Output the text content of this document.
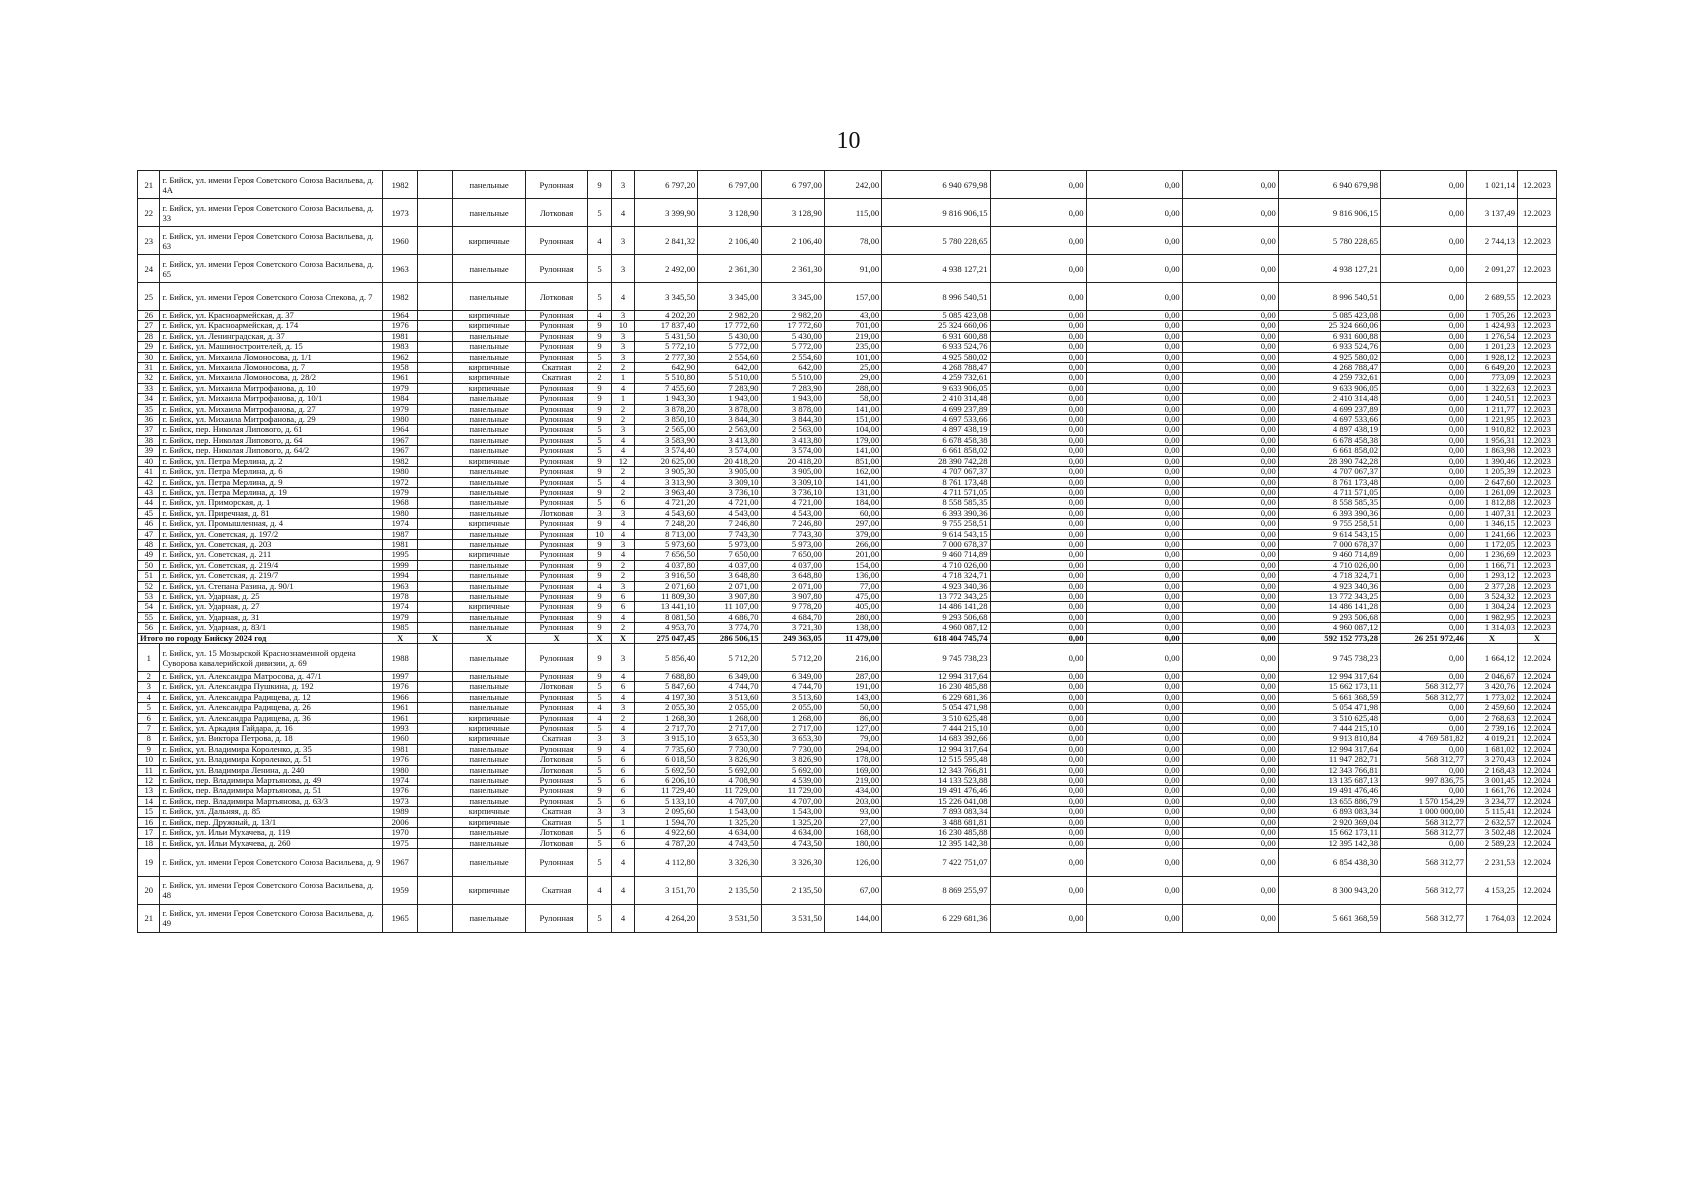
10
21	г. Бийск, ул. имени Героя Советского Союза Васильева, д. 4А	1982		панельные	Рулонная	9	3	6 797,20	6 797,00	6 797,00	242,00	6 940 679,98	0,00	0,00	0,00	6 940 679,98	0,00	1 021,14	12.2023
22	г. Бийск, ул. имени Героя Советского Союза Васильева, д. 33	1973		панельные	Лотковая	5	4	3 399,90	3 128,90	3 128,90	115,00	9 816 906,15	0,00	0,00	0,00	9 816 906,15	0,00	3 137,49	12.2023
23	г. Бийск, ул. имени Героя Советского Союза Васильева, д. 63	1960		кирпичные	Рулонная	4	3	2 841,32	2 106,40	2 106,40	78,00	5 780 228,65	0,00	0,00	0,00	5 780 228,65	0,00	2 744,13	12.2023
24	г. Бийск, ул. имени Героя Советского Союза Васильева, д. 65	1963		панельные	Рулонная	5	3	2 492,00	2 361,30	2 361,30	91,00	4 938 127,21	0,00	0,00	0,00	4 938 127,21	0,00	2 091,27	12.2023
25	г. Бийск, ул. имени Героя Советского Союза Спекова, д. 7	1982		панельные	Лотковая	5	4	3 345,50	3 345,00	3 345,00	157,00	8 996 540,51	0,00	0,00	0,00	8 996 540,51	0,00	2 689,55	12.2023
26	г. Бийск, ул. Красноармейская, д. 37	1964		кирпичные	Рулонная	4	3	4 202,20	2 982,20	2 982,20	43,00	5 085 423,08	0,00	0,00	0,00	5 085 423,08	0,00	1 705,26	12.2023
27	г. Бийск, ул. Красноармейская, д. 174	1976		кирпичные	Рулонная	9	10	17 837,40	17 772,60	17 772,60	701,00	25 324 660,06	0,00	0,00	0,00	25 324 660,06	0,00	1 424,93	12.2023
28	г. Бийск, ул. Ленинградская, д. 37	1981		панельные	Рулонная	9	3	5 431,50	5 430,00	5 430,00	219,00	6 931 600,88	0,00	0,00	0,00	6 931 600,88	0,00	1 276,54	12.2023
29	г. Бийск, ул. Машиностроителей, д. 15	1983		панельные	Рулонная	9	3	5 772,10	5 772,00	5 772,00	235,00	6 933 524,76	0,00	0,00	0,00	6 933 524,76	0,00	1 201,23	12.2023
30	г. Бийск, ул. Михаила Ломоносова, д. 1/1	1962		панельные	Рулонная	5	3	2 777,30	2 554,60	2 554,60	101,00	4 925 580,02	0,00	0,00	0,00	4 925 580,02	0,00	1 928,12	12.2023
31	г. Бийск, ул. Михаила Ломоносова, д. 7	1958		кирпичные	Скатная	2	2	642,90	642,00	642,00	25,00	4 268 788,47	0,00	0,00	0,00	4 268 788,47	0,00	6 649,20	12.2023
32	г. Бийск, ул. Михаила Ломоносова, д. 28/2	1961		кирпичные	Скатная	2	1	5 510,80	5 510,00	5 510,00	29,00	4 259 732,61	0,00	0,00	0,00	4 259 732,61	0,00	773,09	12.2023
33	г. Бийск, ул. Михаила Митрофанова, д. 10	1979		кирпичные	Рулонная	9	4	7 455,60	7 283,90	7 283,90	288,00	9 633 906,05	0,00	0,00	0,00	9 633 906,05	0,00	1 322,63	12.2023
34	г. Бийск, ул. Михаила Митрофанова, д. 10/1	1984		панельные	Рулонная	9	1	1 943,30	1 943,00	1 943,00	58,00	2 410 314,48	0,00	0,00	0,00	2 410 314,48	0,00	1 240,51	12.2023
35	г. Бийск, ул. Михаила Митрофанова, д. 27	1979		панельные	Рулонная	9	2	3 878,20	3 878,00	3 878,00	141,00	4 699 237,89	0,00	0,00	0,00	4 699 237,89	0,00	1 211,77	12.2023
36	г. Бийск, ул. Михаила Митрофанова, д. 29	1980		панельные	Рулонная	9	2	3 850,10	3 844,30	3 844,30	151,00	4 697 533,66	0,00	0,00	0,00	4 697 533,66	0,00	1 221,95	12.2023
37	г. Бийск, пер. Николая Липового, д. 61	1964		панельные	Рулонная	5	3	2 565,00	2 563,00	2 563,00	104,00	4 897 438,19	0,00	0,00	0,00	4 897 438,19	0,00	1 910,82	12.2023
38	г. Бийск, пер. Николая Липового, д. 64	1967		панельные	Рулонная	5	4	3 583,90	3 413,80	3 413,80	179,00	6 678 458,38	0,00	0,00	0,00	6 678 458,38	0,00	1 956,31	12.2023
39	г. Бийск, пер. Николая Липового, д. 64/2	1967		панельные	Рулонная	5	4	3 574,40	3 574,00	3 574,00	141,00	6 661 858,02	0,00	0,00	0,00	6 661 858,02	0,00	1 863,98	12.2023
40	г. Бийск, ул. Петра Мерлина, д. 2	1982		кирпичные	Рулонная	9	12	20 625,00	20 418,20	20 418,20	851,00	28 390 742,28	0,00	0,00	0,00	28 390 742,28	0,00	1 390,46	12.2023
41	г. Бийск, ул. Петра Мерлина, д. 6	1980		панельные	Рулонная	9	2	3 905,30	3 905,00	3 905,00	162,00	4 707 067,37	0,00	0,00	0,00	4 707 067,37	0,00	1 205,39	12.2023
42	г. Бийск, ул. Петра Мерлина, д. 9	1972		панельные	Рулонная	5	4	3 313,90	3 309,10	3 309,10	141,00	8 761 173,48	0,00	0,00	0,00	8 761 173,48	0,00	2 647,60	12.2023
43	г. Бийск, ул. Петра Мерлина, д. 19	1979		панельные	Рулонная	9	2	3 963,40	3 736,10	3 736,10	131,00	4 711 571,05	0,00	0,00	0,00	4 711 571,05	0,00	1 261,09	12.2023
44	г. Бийск, ул. Приморская, д. 1	1968		панельные	Рулонная	5	6	4 721,20	4 721,00	4 721,00	184,00	8 558 585,35	0,00	0,00	0,00	8 558 585,35	0,00	1 812,88	12.2023
45	г. Бийск, ул. Приречная, д. 81	1980		панельные	Лотковая	3	3	4 543,60	4 543,00	4 543,00	60,00	6 393 390,36	0,00	0,00	0,00	6 393 390,36	0,00	1 407,31	12.2023
46	г. Бийск, ул. Промышленная, д. 4	1974		кирпичные	Рулонная	9	4	7 248,20	7 246,80	7 246,80	297,00	9 755 258,51	0,00	0,00	0,00	9 755 258,51	0,00	1 346,15	12.2023
47	г. Бийск, ул. Советская, д. 197/2	1987		панельные	Рулонная	10	4	8 713,00	7 743,30	7 743,30	379,00	9 614 543,15	0,00	0,00	0,00	9 614 543,15	0,00	1 241,66	12.2023
48	г. Бийск, ул. Советская, д. 203	1981		панельные	Рулонная	9	3	5 973,60	5 973,00	5 973,00	266,00	7 000 678,37	0,00	0,00	0,00	7 000 678,37	0,00	1 172,05	12.2023
49	г. Бийск, ул. Советская, д. 211	1995		кирпичные	Рулонная	9	4	7 656,50	7 650,00	7 650,00	201,00	9 460 714,89	0,00	0,00	0,00	9 460 714,89	0,00	1 236,69	12.2023
50	г. Бийск, ул. Советская, д. 219/4	1999		панельные	Рулонная	9	2	4 037,80	4 037,00	4 037,00	154,00	4 710 026,00	0,00	0,00	0,00	4 710 026,00	0,00	1 166,71	12.2023
51	г. Бийск, ул. Советская, д. 219/7	1994		панельные	Рулонная	9	2	3 916,50	3 648,80	3 648,80	136,00	4 718 324,71	0,00	0,00	0,00	4 718 324,71	0,00	1 293,12	12.2023
52	г. Бийск, ул. Степана Разина, д. 90/1	1963		панельные	Рулонная	4	3	2 071,60	2 071,00	2 071,00	77,00	4 923 340,36	0,00	0,00	0,00	4 923 340,36	0,00	2 377,28	12.2023
53	г. Бийск, ул. Ударная, д. 25	1978		панельные	Рулонная	9	6	11 809,30	3 907,80	3 907,80	475,00	13 772 343,25	0,00	0,00	0,00	13 772 343,25	0,00	3 524,32	12.2023
54	г. Бийск, ул. Ударная, д. 27	1974		кирпичные	Рулонная	9	6	13 441,10	11 107,00	9 778,20	405,00	14 486 141,28	0,00	0,00	0,00	14 486 141,28	0,00	1 304,24	12.2023
55	г. Бийск, ул. Ударная, д. 31	1979		панельные	Рулонная	9	4	8 081,50	4 686,70	4 684,70	280,00	9 293 506,68	0,00	0,00	0,00	9 293 506,68	0,00	1 982,95	12.2023
56	г. Бийск, ул. Ударная, д. 83/1	1985		панельные	Рулонная	9	2	4 953,70	3 774,70	3 721,30	138,00	4 960 087,12	0,00	0,00	0,00	4 960 087,12	0,00	1 314,03	12.2023
Итого по городу Бийску 2024 год		X	X	X	X	X	X	275 047,45	286 506,15	249 363,05	11 479,00	618 404 745,74	0,00	0,00	0,00	592 152 773,28	26 251 972,46	X	X
1	г. Бийск, ул. 15 Мозырской Краснознаменной ордена Суворова кавалерийской дивизии, д. 69	1988		панельные	Рулонная	9	3	5 856,40	5 712,20	5 712,20	216,00	9 745 738,23	0,00	0,00	0,00	9 745 738,23	0,00	1 664,12	12.2024
2	г. Бийск, ул. Александра Матросова, д. 47/1	1997		панельные	Рулонная	9	4	7 688,80	6 349,00	6 349,00	287,00	12 994 317,64	0,00	0,00	0,00	12 994 317,64	0,00	2 046,67	12.2024
3	г. Бийск, ул. Александра Пушкина, д. 192	1976		панельные	Лотковая	5	6	5 847,60	4 744,70	4 744,70	191,00	16 230 485,88	0,00	0,00	0,00	15 662 173,11	568 312,77	3 420,76	12.2024
4	г. Бийск, ул. Александра Радищева, д. 12	1966		панельные	Рулонная	5	4	4 197,30	3 513,60	3 513,60	143,00	6 229 681,36	0,00	0,00	0,00	5 661 368,59	568 312,77	1 773,02	12.2024
5	г. Бийск, ул. Александра Радищева, д. 26	1961		панельные	Рулонная	4	3	2 055,30	2 055,00	2 055,00	50,00	5 054 471,98	0,00	0,00	0,00	5 054 471,98	0,00	2 459,60	12.2024
6	г. Бийск, ул. Александра Радищева, д. 36	1961		кирпичные	Рулонная	4	2	1 268,30	1 268,00	1 268,00	86,00	3 510 625,48	0,00	0,00	0,00	3 510 625,48	0,00	2 768,63	12.2024
7	г. Бийск, ул. Аркадия Гайдара, д. 16	1993		кирпичные	Рулонная	5	4	2 717,70	2 717,00	2 717,00	127,00	7 444 215,10	0,00	0,00	0,00	7 444 215,10	0,00	2 739,16	12.2024
8	г. Бийск, ул. Виктора Петрова, д. 18	1960		кирпичные	Скатная	3	3	3 915,10	3 653,30	3 653,30	79,00	14 683 392,66	0,00	0,00	0,00	9 913 810,84	4 769 581,82	4 019,21	12.2024
9	г. Бийск, ул. Владимира Короленко, д. 35	1981		панельные	Рулонная	9	4	7 735,60	7 730,00	7 730,00	294,00	12 994 317,64	0,00	0,00	0,00	12 994 317,64	0,00	1 681,02	12.2024
10	г. Бийск, ул. Владимира Короленко, д. 51	1976		панельные	Лотковая	5	6	6 018,50	3 826,90	3 826,90	178,00	12 515 595,48	0,00	0,00	0,00	11 947 282,71	568 312,77	3 270,43	12.2024
11	г. Бийск, ул. Владимира Ленина, д. 240	1980		панельные	Лотковая	5	6	5 692,50	5 692,00	5 692,00	169,00	12 343 766,81	0,00	0,00	0,00	12 343 766,81	0,00	2 168,43	12.2024
12	г. Бийск, пер. Владимира Мартьянова, д. 49	1974		панельные	Рулонная	5	6	6 206,10	4 708,90	4 539,00	219,00	14 133 523,88	0,00	0,00	0,00	13 135 687,13	997 836,75	3 001,45	12.2024
13	г. Бийск, пер. Владимира Мартьянова, д. 51	1976		панельные	Рулонная	9	6	11 729,40	11 729,00	11 729,00	434,00	19 491 476,46	0,00	0,00	0,00	19 491 476,46	0,00	1 661,76	12.2024
14	г. Бийск, пер. Владимира Мартьянова, д. 63/3	1973		панельные	Рулонная	5	6	5 133,10	4 707,00	4 707,00	203,00	15 226 041,08	0,00	0,00	0,00	13 655 886,79	1 570 154,29	3 234,77	12.2024
15	г. Бийск, ул. Дальняя, д. 85	1989		кирпичные	Скатная	3	3	2 095,60	1 543,00	1 543,00	93,00	7 893 083,34	0,00	0,00	0,00	6 893 083,34	1 000 000,00	5 115,41	12.2024
16	г. Бийск, пер. Дружный, д. 13/1	2006		кирпичные	Скатная	5	1	1 594,70	1 325,20	1 325,20	27,00	3 488 681,81	0,00	0,00	0,00	2 920 369,04	568 312,77	2 632,57	12.2024
17	г. Бийск, ул. Ильи Мухачева, д. 119	1970		панельные	Лотковая	5	6	4 922,60	4 634,00	4 634,00	168,00	16 230 485,88	0,00	0,00	0,00	15 662 173,11	568 312,77	3 502,48	12.2024
18	г. Бийск, ул. Ильи Мухачева, д. 260	1975		панельные	Лотковая	5	6	4 787,20	4 743,50	4 743,50	180,00	12 395 142,38	0,00	0,00	0,00	12 395 142,38	0,00	2 589,23	12.2024
19	г. Бийск, ул. имени Героя Советского Союза Васильева, д. 9	1967		панельные	Рулонная	5	4	4 112,80	3 326,30	3 326,30	126,00	7 422 751,07	0,00	0,00	0,00	6 854 438,30	568 312,77	2 231,53	12.2024
20	г. Бийск, ул. имени Героя Советского Союза Васильева, д. 48	1959		кирпичные	Скатная	4	4	3 151,70	2 135,50	2 135,50	67,00	8 869 255,97	0,00	0,00	0,00	8 300 943,20	568 312,77	4 153,25	12.2024
21	г. Бийск, ул. имени Героя Советского Союза Васильева, д. 49	1965		панельные	Рулонная	5	4	4 264,20	3 531,50	3 531,50	144,00	6 229 681,36	0,00	0,00	0,00	5 661 368,59	568 312,77	1 764,03	12.2024
